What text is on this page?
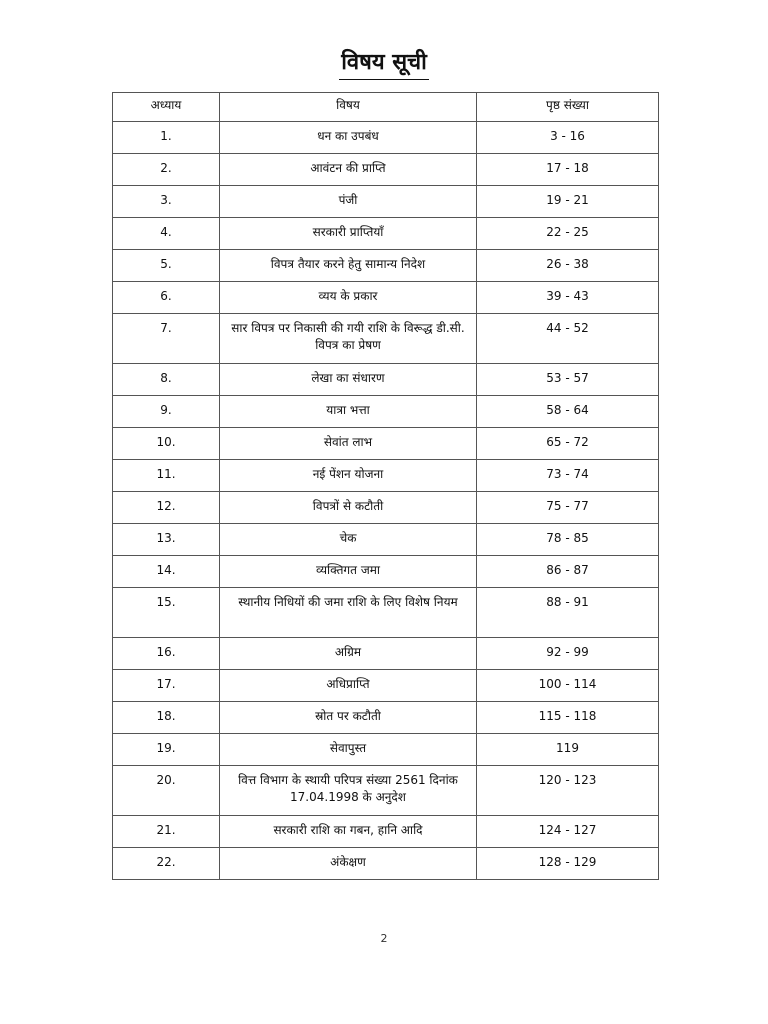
विषय सूची
अध्याय	विषय	पृष्ठ संख्या
1.	धन का उपबंध	3 - 16
2.	आवंटन की प्राप्ति	17 - 18
3.	पंजी	19 - 21
4.	सरकारी प्राप्तियाँ	22 - 25
5.	विपत्र तैयार करने हेतु सामान्य निदेश	26 - 38
6.	व्यय के प्रकार	39 - 43
7.	सार विपत्र पर निकासी की गयी राशि के विरूद्ध डी.सी. विपत्र का प्रेषण	44 - 52
8.	लेखा का संधारण	53 - 57
9.	यात्रा भत्ता	58 - 64
10.	सेवांत लाभ	65 - 72
11.	नई पेंशन योजना	73 - 74
12.	विपत्रों से कटौती	75 - 77
13.	चेक	78 - 85
14.	व्यक्तिगत जमा	86 - 87
15.	स्थानीय निधियों की जमा राशि के लिए विशेष नियम	88 - 91
16.	अग्रिम	92 - 99
17.	अधिप्राप्ति	100 - 114
18.	स्रोत पर कटौती	115 - 118
19.	सेवापुस्त	119
20.	वित्त विभाग के स्थायी परिपत्र संख्या 2561 दिनांक 17.04.1998 के अनुदेश	120 - 123
21.	सरकारी राशि का गबन, हानि आदि	124 - 127
22.	अंकेक्षण	128 - 129
2
